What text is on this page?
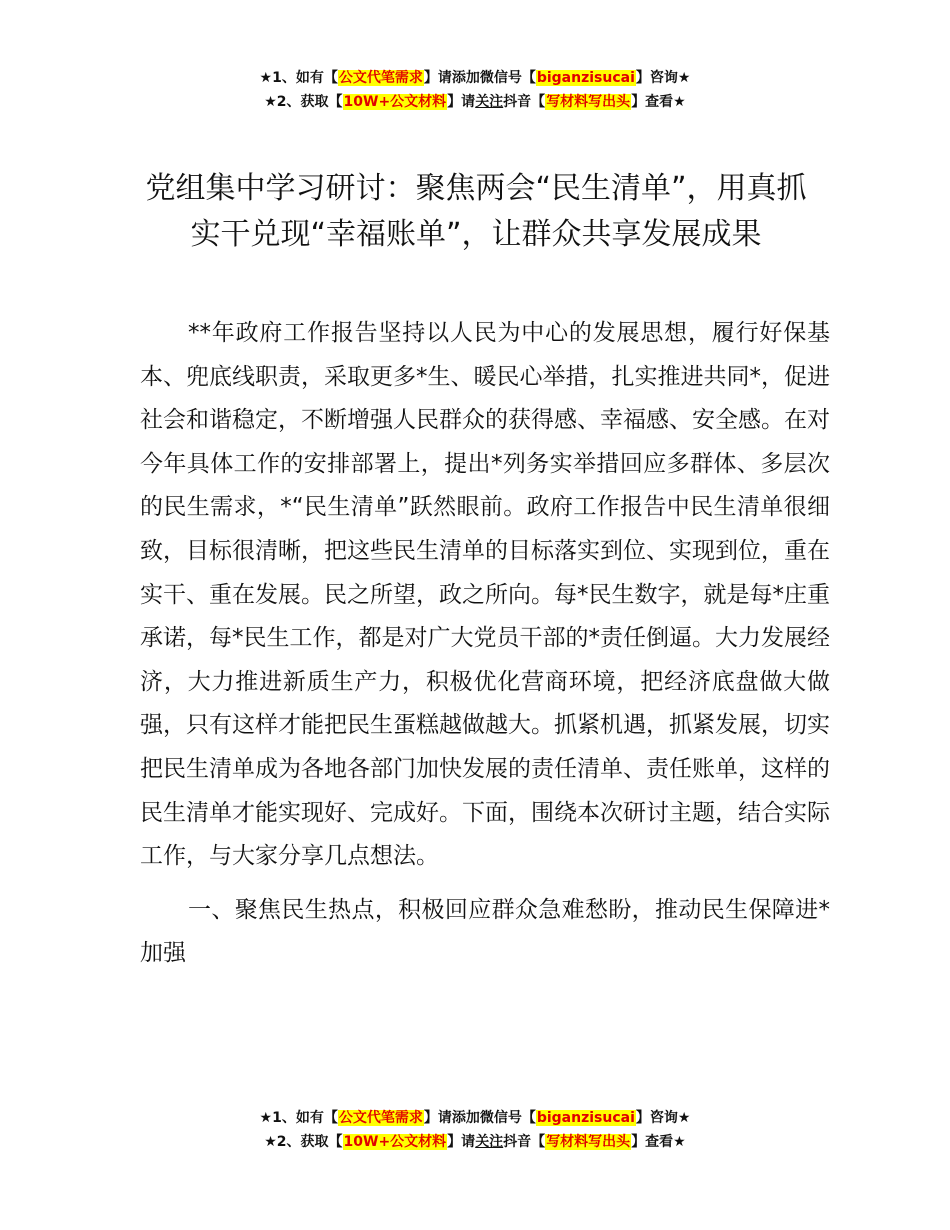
★1、如有【公文代笔需求】请添加微信号【biganzisucai】咨询★
★2、获取【10W+公文材料】请关注抖音【写材料写出头】查看★
党组集中学习研讨：聚焦两会“民生清单”，用真抓实干兑现“幸福账单”，让群众共享发展成果

**年政府工作报告坚持以人民为中心的发展思想，履行好保基本、兜底线职责，采取更多*生、暖民心举措，扎实推进共同*，促进社会和谐稳定，不断增强人民群众的获得感、幸福感、安全感。在对今年具体工作的安排部署上，提出*列务实举措回应多群体、多层次的民生需求，*“民生清单”跃然眼前。政府工作报告中民生清单很细致，目标很清晰，把这些民生清单的目标落实到位、实现到位，重在实干、重在发展。民之所望，政之所向。每*民生数字，就是每*庄重承诺，每*民生工作，都是对广大党员干部的*责任倒逼。大力发展经济，大力推进新质生产力，积极优化营商环境，把经济底盘做大做强，只有这样才能把民生蛋糕越做越大。抓紧机遇，抓紧发展，切实把民生清单成为各地各部门加快发展的责任清单、责任账单，这样的民生清单才能实现好、完成好。下面，围绕本次研讨主题，结合实际工作，与大家分享几点想法。

一、聚焦民生热点，积极回应群众急难愁盼，推动民生保障进*加强

★1、如有【公文代笔需求】请添加微信号【biganzisucai】咨询★
★2、获取【10W+公文材料】请关注抖音【写材料写出头】查看★
